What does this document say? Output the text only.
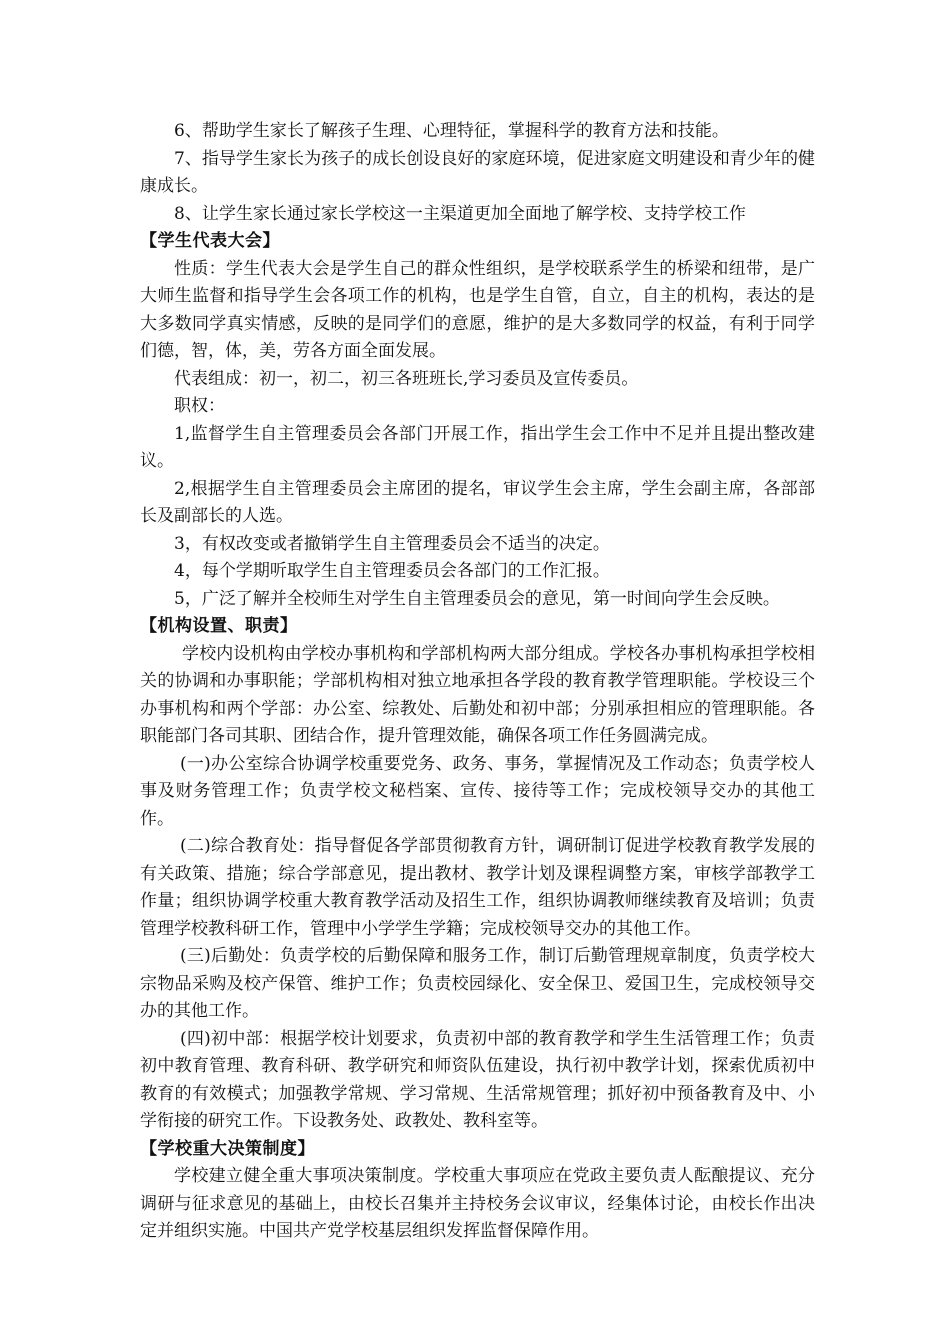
6、帮助学生家长了解孩子生理、心理特征，掌握科学的教育方法和技能。

7、指导学生家长为孩子的成长创设良好的家庭环境，促进家庭文明建设和青少年的健康成长。

8、让学生家长通过家长学校这一主渠道更加全面地了解学校、支持学校工作

【学生代表大会】

性质：学生代表大会是学生自己的群众性组织，是学校联系学生的桥梁和纽带，是广大师生监督和指导学生会各项工作的机构，也是学生自管，自立，自主的机构，表达的是大多数同学真实情感，反映的是同学们的意愿，维护的是大多数同学的权益，有利于同学们德，智，体，美，劳各方面全面发展。

代表组成：初一，初二，初三各班班长,学习委员及宣传委员。

职权：

1,监督学生自主管理委员会各部门开展工作，指出学生会工作中不足并且提出整改建议。

2,根据学生自主管理委员会主席团的提名，审议学生会主席，学生会副主席，各部部长及副部长的人选。

3，有权改变或者撤销学生自主管理委员会不适当的决定。

4，每个学期听取学生自主管理委员会各部门的工作汇报。

5，广泛了解并全校师生对学生自主管理委员会的意见，第一时间向学生会反映。

【机构设置、职责】

学校内设机构由学校办事机构和学部机构两大部分组成。学校各办事机构承担学校相关的协调和办事职能；学部机构相对独立地承担各学段的教育教学管理职能。学校设三个办事机构和两个学部：办公室、综教处、后勤处和初中部；分别承担相应的管理职能。各职能部门各司其职、团结合作，提升管理效能，确保各项工作任务圆满完成。

(一)办公室综合协调学校重要党务、政务、事务，掌握情况及工作动态；负责学校人事及财务管理工作；负责学校文秘档案、宣传、接待等工作；完成校领导交办的其他工作。

(二)综合教育处：指导督促各学部贯彻教育方针，调研制订促进学校教育教学发展的有关政策、措施；综合学部意见，提出教材、教学计划及课程调整方案，审核学部教学工作量；组织协调学校重大教育教学活动及招生工作，组织协调教师继续教育及培训；负责管理学校教科研工作，管理中小学学生学籍；完成校领导交办的其他工作。

(三)后勤处：负责学校的后勤保障和服务工作，制订后勤管理规章制度，负责学校大宗物品采购及校产保管、维护工作；负责校园绿化、安全保卫、爱国卫生，完成校领导交办的其他工作。

(四)初中部：根据学校计划要求，负责初中部的教育教学和学生生活管理工作；负责初中教育管理、教育科研、教学研究和师资队伍建设，执行初中教学计划，探索优质初中教育的有效模式；加强教学常规、学习常规、生活常规管理；抓好初中预备教育及中、小学衔接的研究工作。下设教务处、政教处、教科室等。

【学校重大决策制度】

学校建立健全重大事项决策制度。学校重大事项应在党政主要负责人酝酿提议、充分调研与征求意见的基础上，由校长召集并主持校务会议审议，经集体讨论，由校长作出决定并组织实施。中国共产党学校基层组织发挥监督保障作用。
